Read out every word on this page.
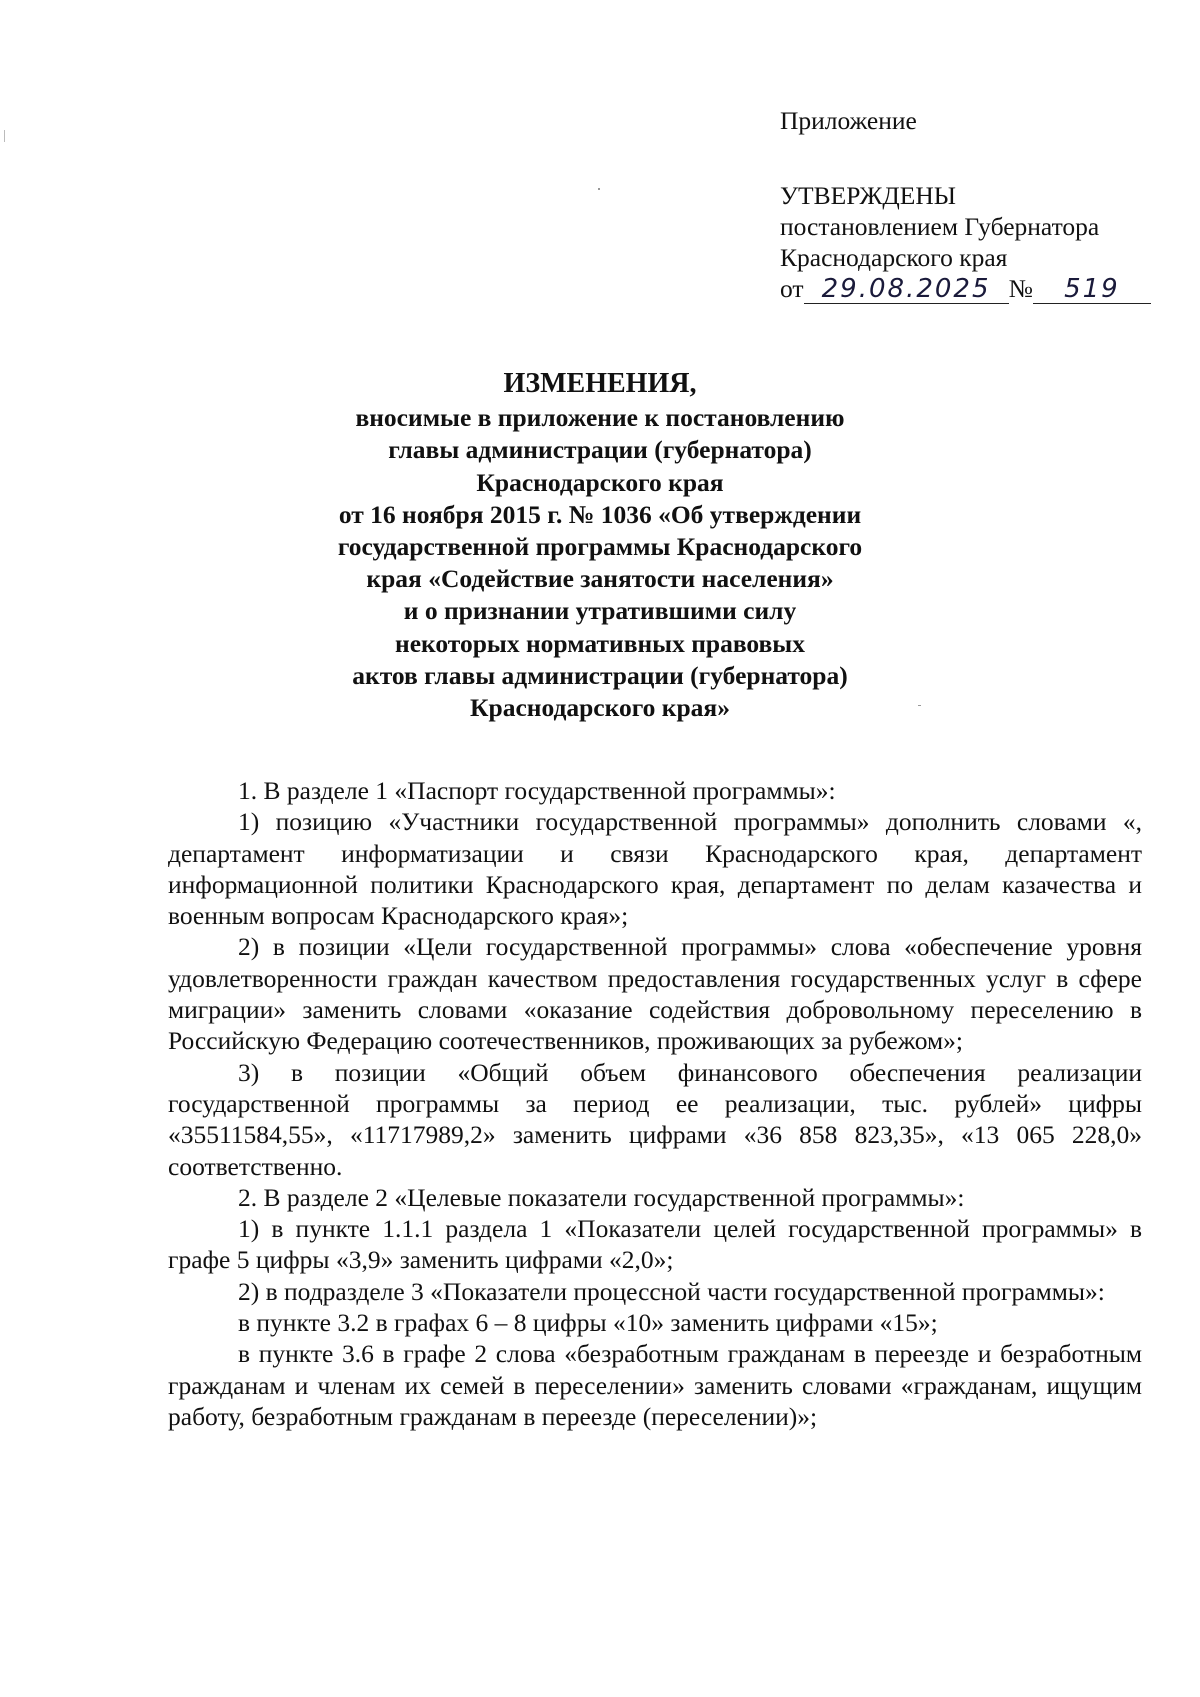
Приложение
УТВЕРЖДЕНЫ
постановлением Губернатора
Краснодарского края
от 29.08.2025 № 519
ИЗМЕНЕНИЯ,
вносимые в приложение к постановлению
главы администрации (губернатора)
Краснодарского края
от 16 ноября 2015 г. № 1036 «Об утверждении
государственной программы Краснодарского
края «Содействие занятости населения»
и о признании утратившими силу
некоторых нормативных правовых
актов главы администрации (губернатора)
Краснодарского края»

1. В разделе 1 «Паспорт государственной программы»:

1) позицию «Участники государственной программы» дополнить словами «, департамент информатизации и связи Краснодарского края, департамент информационной политики Краснодарского края, департамент по делам казачества и военным вопросам Краснодарского края»;

2) в позиции «Цели государственной программы» слова «обеспечение уровня удовлетворенности граждан качеством предоставления государственных услуг в сфере миграции» заменить словами «оказание содействия добровольному переселению в Российскую Федерацию соотечественников, проживающих за рубежом»;

3) в позиции «Общий объем финансового обеспечения реализации государственной программы за период ее реализации, тыс. рублей» цифры «35511584,55», «11717989,2» заменить цифрами «36 858 823,35», «13 065 228,0» соответственно.

2. В разделе 2 «Целевые показатели государственной программы»:

1) в пункте 1.1.1 раздела 1 «Показатели целей государственной программы» в графе 5 цифры «3,9» заменить цифрами «2,0»;

2) в подразделе 3 «Показатели процессной части государственной программы»:

в пункте 3.2 в графах 6 – 8 цифры «10» заменить цифрами «15»;

в пункте 3.6 в графе 2 слова «безработным гражданам в переезде и безработным гражданам и членам их семей в переселении» заменить словами «гражданам, ищущим работу, безработным гражданам в переезде (переселении)»;
